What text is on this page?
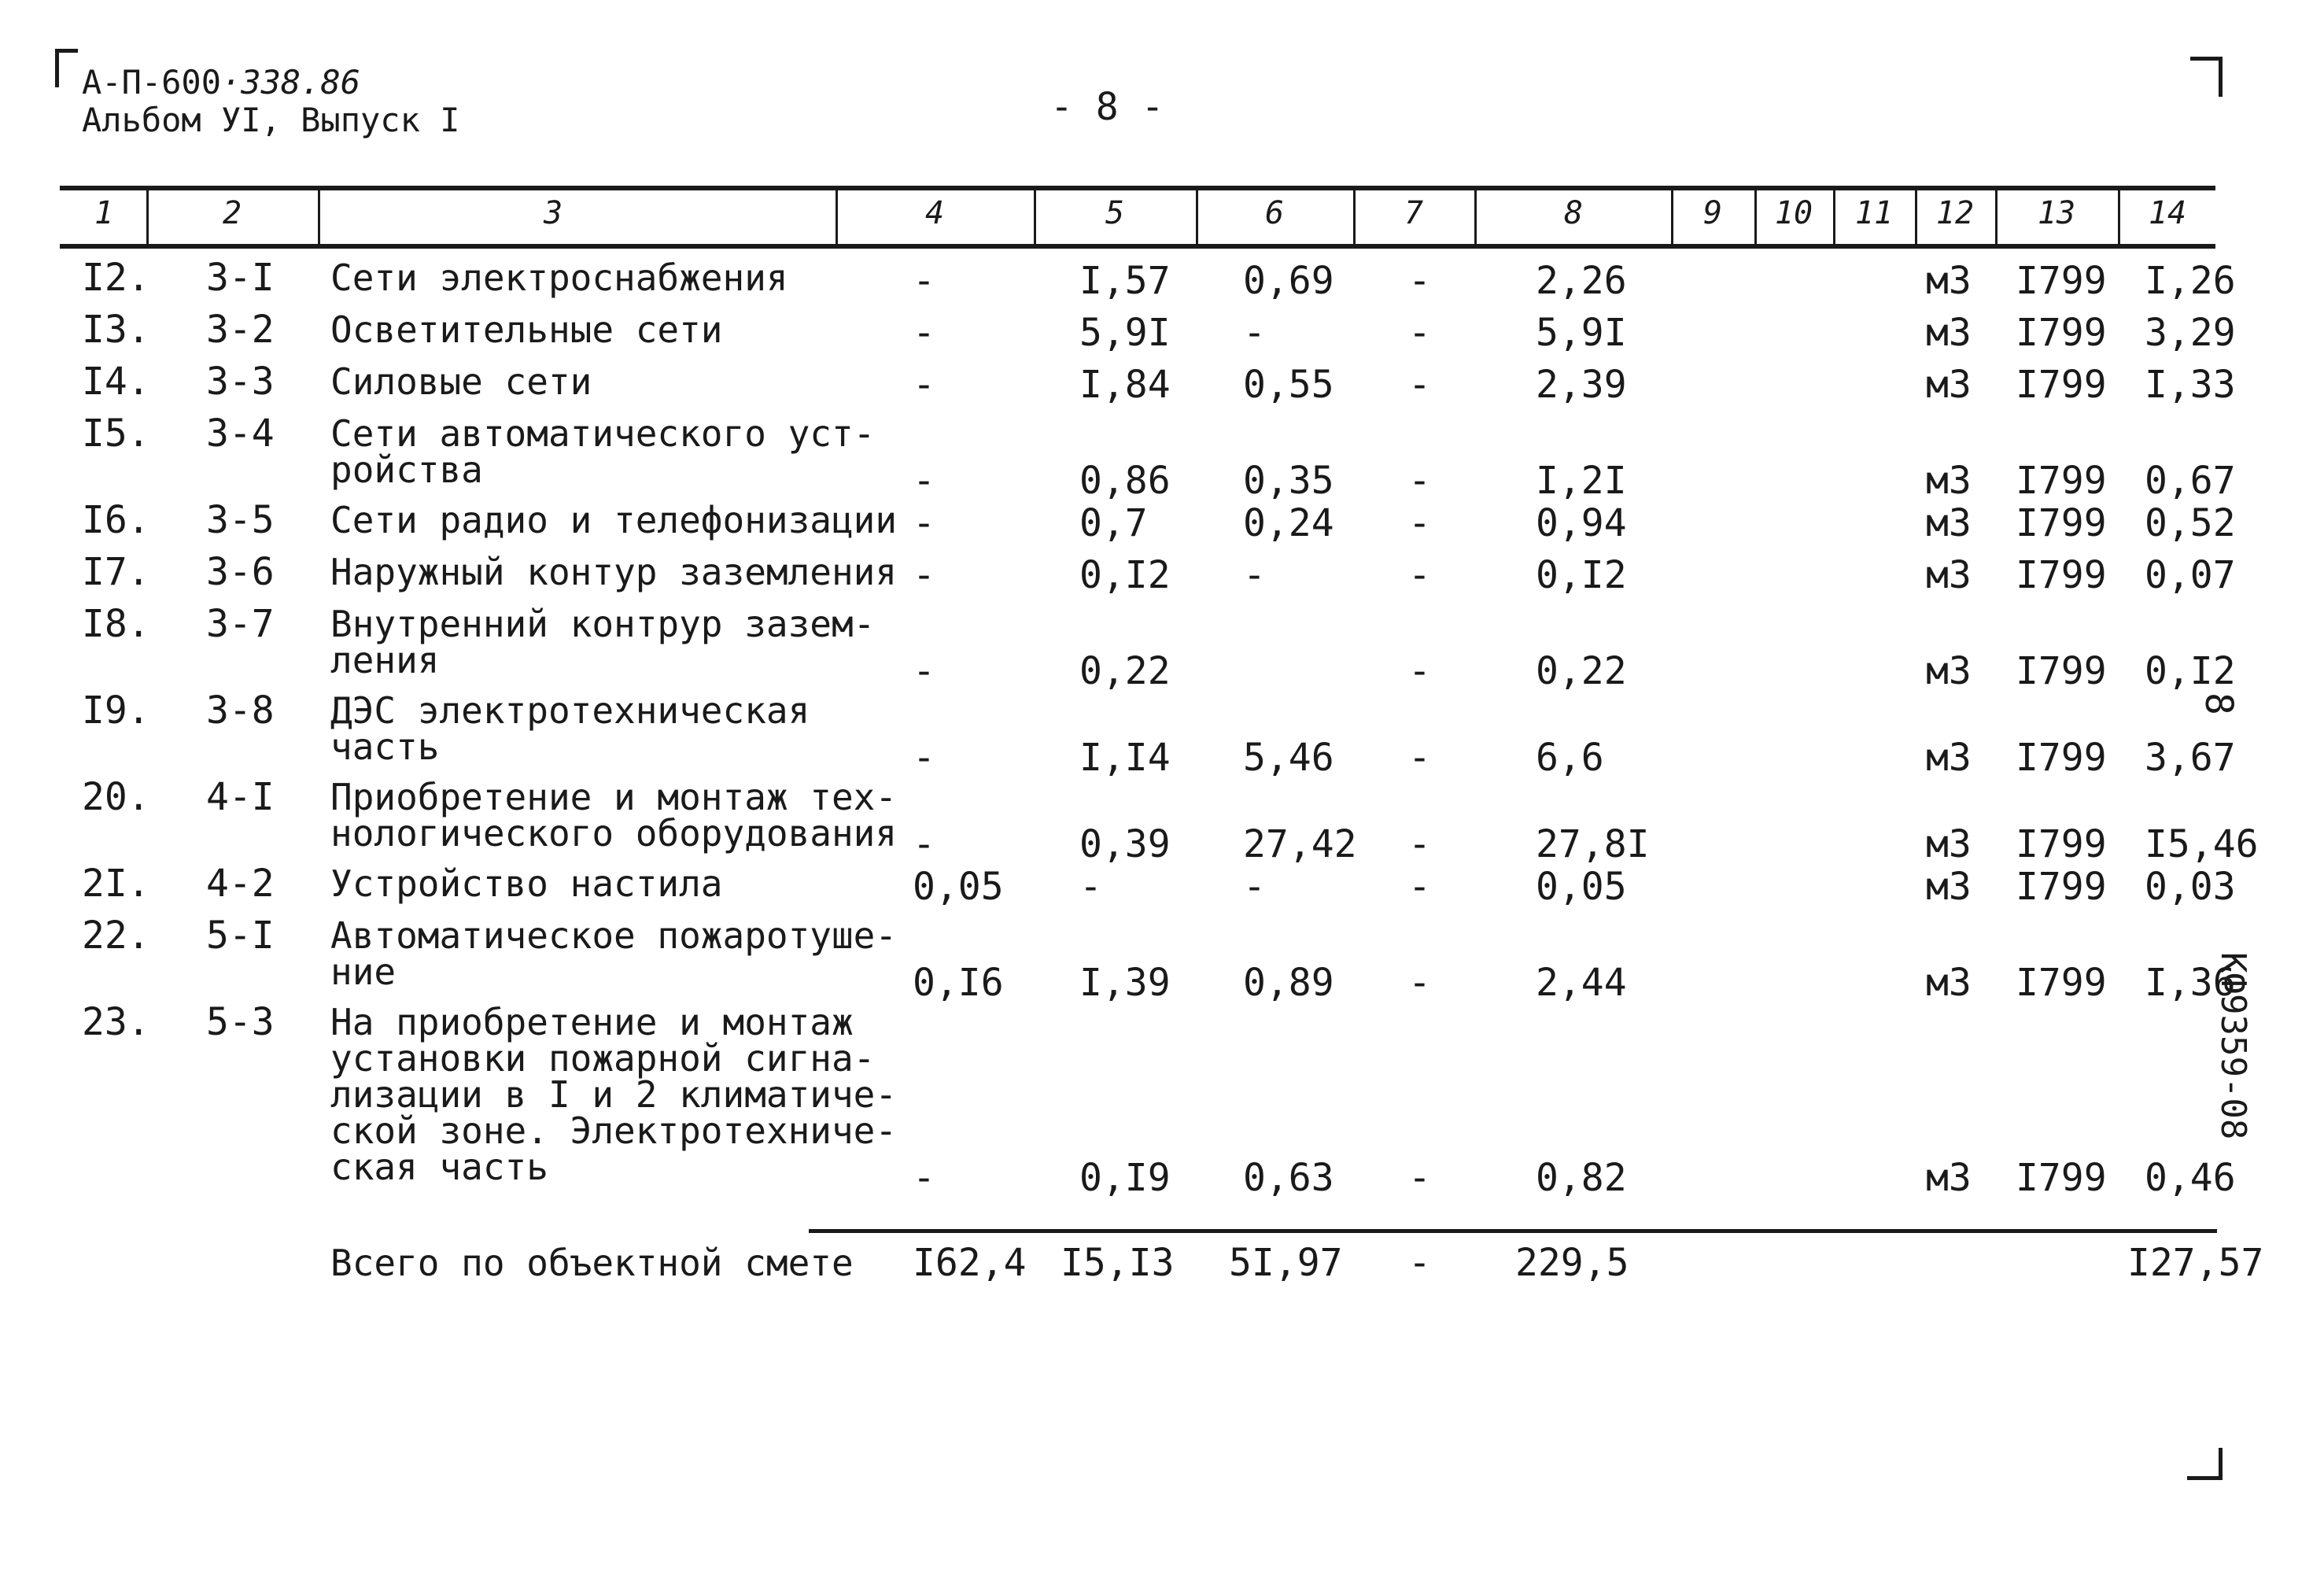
А-П-600·338.86
Альбом УI, Выпуск I	- 8 -
1	2	3	4	5	6	7	8	9	10	11	12	13	14
I2. 3-I Сети электроснабжения	-	I,57 0,69 -	2,26	м3 I799 I,26
I3. 3-2 Осветительные сети	-	5,9I -	-	5,9I	м3 I799 3,29
I4. 3-3 Силовые сети	-	I,84 0,55 -	2,39	м3 I799 I,33
I5. 3-4 Сети автоматического уст-
ройства	-	0,86 0,35 -	I,2I	м3 I799 0,67
I6. 3-5 Сети радио и телефонизации -	0,7	0,24 -	0,94	м3 I799 0,52
I7. 3-6 Наружный контур заземления -	0,I2 -	-	0,I2	м3 I799 0,07
I8. 3-7 Внутренний контрур зазем-
ления	-	0,22	-	0,22	м3 I799 0,I2
I9. 3-8 ДЭС электротехническая
часть	-	I,I4 5,46 -	6,6	м3 I799 3,67
20. 4-I Приобретение и монтаж тех-
нологического оборудования -	0,39 27,42 -	27,8I	м3 I799 I5,46
2I. 4-2 Устройство настила	0,05 -	-	-	0,05	м3 I799 0,03
22. 5-I Автоматическое пожаротуше-
ние	0,I6 I,39 0,89 -	2,44	м3 I799 I,36
23. 5-3 На приобретение и монтаж
установки пожарной сигна-
лизации в I и 2 климатиче-
ской зоне. Электротехниче-
ская часть	-	0,I9 0,63 -	0,82	м3 I799 0,46
Всего по объектной смете I62,4 I5,I3 5I,97 - 229,5	I27,57
8
КФ9359-08
